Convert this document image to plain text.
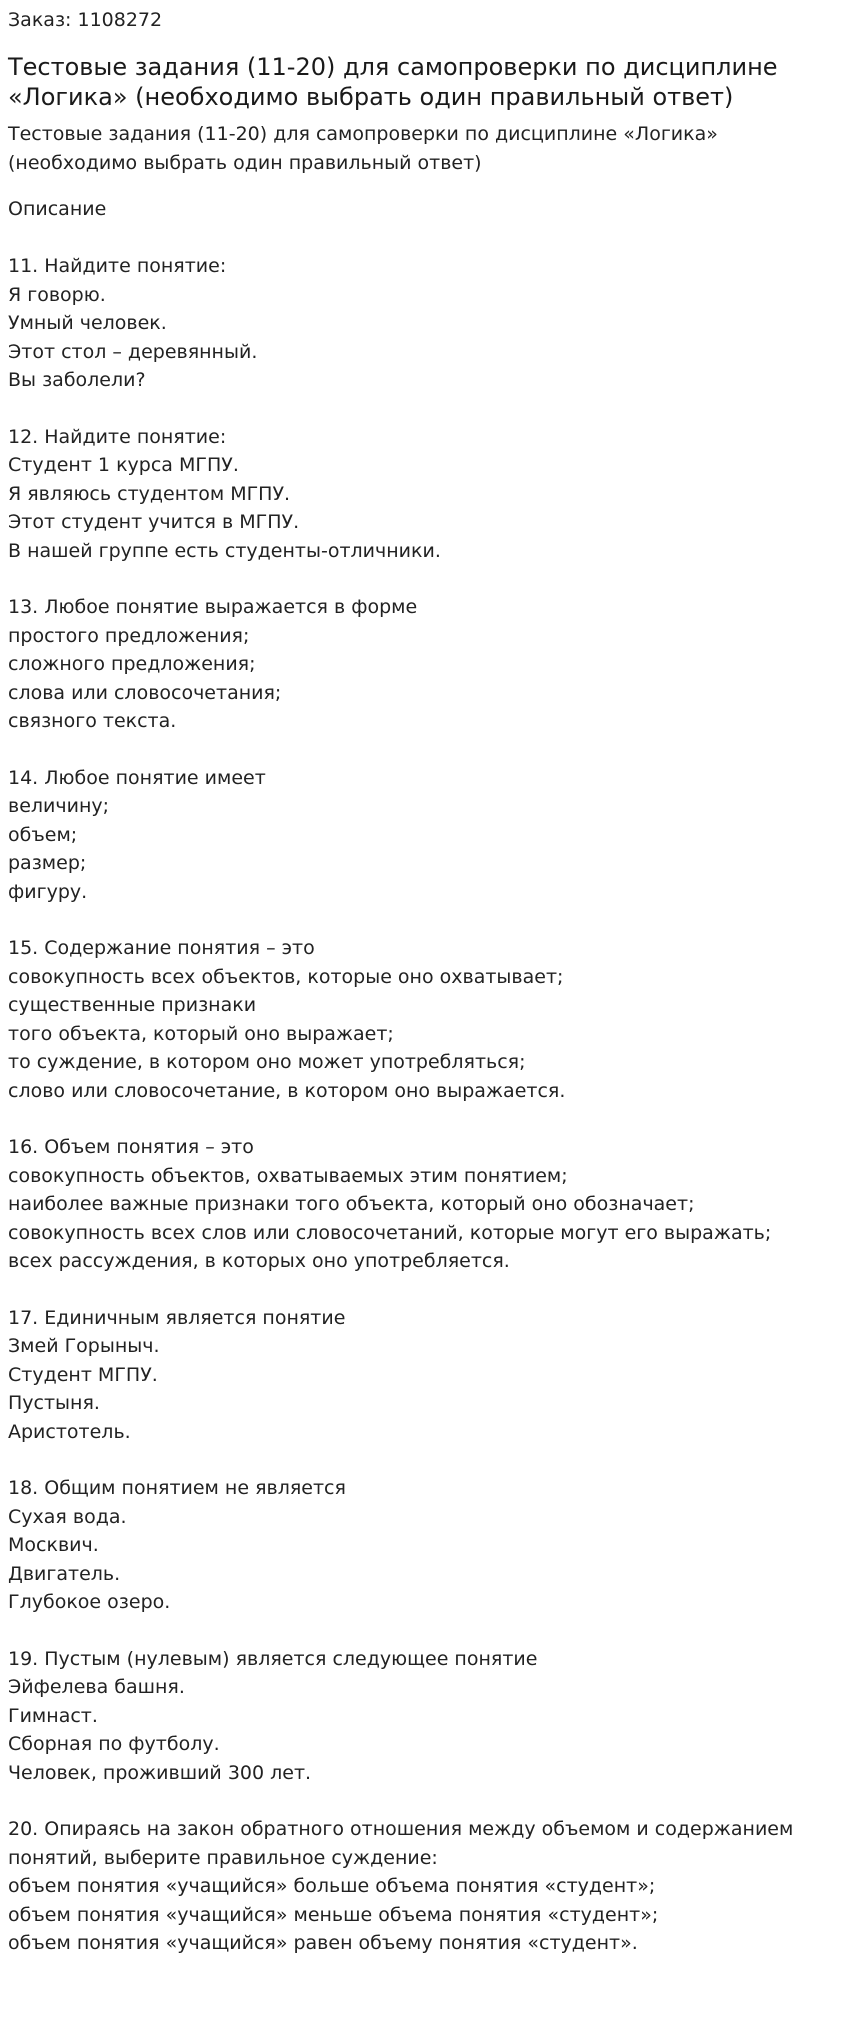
Заказ: 1108272

Тестовые задания (11-20) для самопроверки по дисциплине
«Логика» (необходимо выбрать один правильный ответ)

Тестовые задания (11-20) для самопроверки по дисциплине «Логика»
(необходимо выбрать один правильный ответ)

Описание

11. Найдите понятие:

Я говорю.

Умный человек.

Этот стол – деревянный.

Вы заболели?

12. Найдите понятие:

Студент 1 курса МГПУ.

Я являюсь студентом МГПУ.

Этот студент учится в МГПУ.

В нашей группе есть студенты-отличники.

13. Любое понятие выражается в форме

простого предложения;

сложного предложения;

слова или словосочетания;

связного текста.

14. Любое понятие имеет

величину;

объем;

размер;

фигуру.

15. Содержание понятия – это

совокупность всех объектов, которые оно охватывает;

существенные признаки

того объекта, который оно выражает;

то суждение, в котором оно может употребляться;

слово или словосочетание, в котором оно выражается.

16. Объем понятия – это

совокупность объектов, охватываемых этим понятием;

наиболее важные признаки того объекта, который оно обозначает;

совокупность всех слов или словосочетаний, которые могут его выражать;

всех рассуждения, в которых оно употребляется.

17. Единичным является понятие

Змей Горыныч.

Студент МГПУ.

Пустыня.

Аристотель.

18. Общим понятием не является

Сухая вода.

Москвич.

Двигатель.

Глубокое озеро.

19. Пустым (нулевым) является следующее понятие

Эйфелева башня.

Гимнаст.

Сборная по футболу.

Человек, проживший 300 лет.

20. Опираясь на закон обратного отношения между объемом и содержанием

понятий, выберите правильное суждение:

объем понятия «учащийся» больше объема понятия «студент»;

объем понятия «учащийся» меньше объема понятия «студент»;

объем понятия «учащийся» равен объему понятия «студент».
